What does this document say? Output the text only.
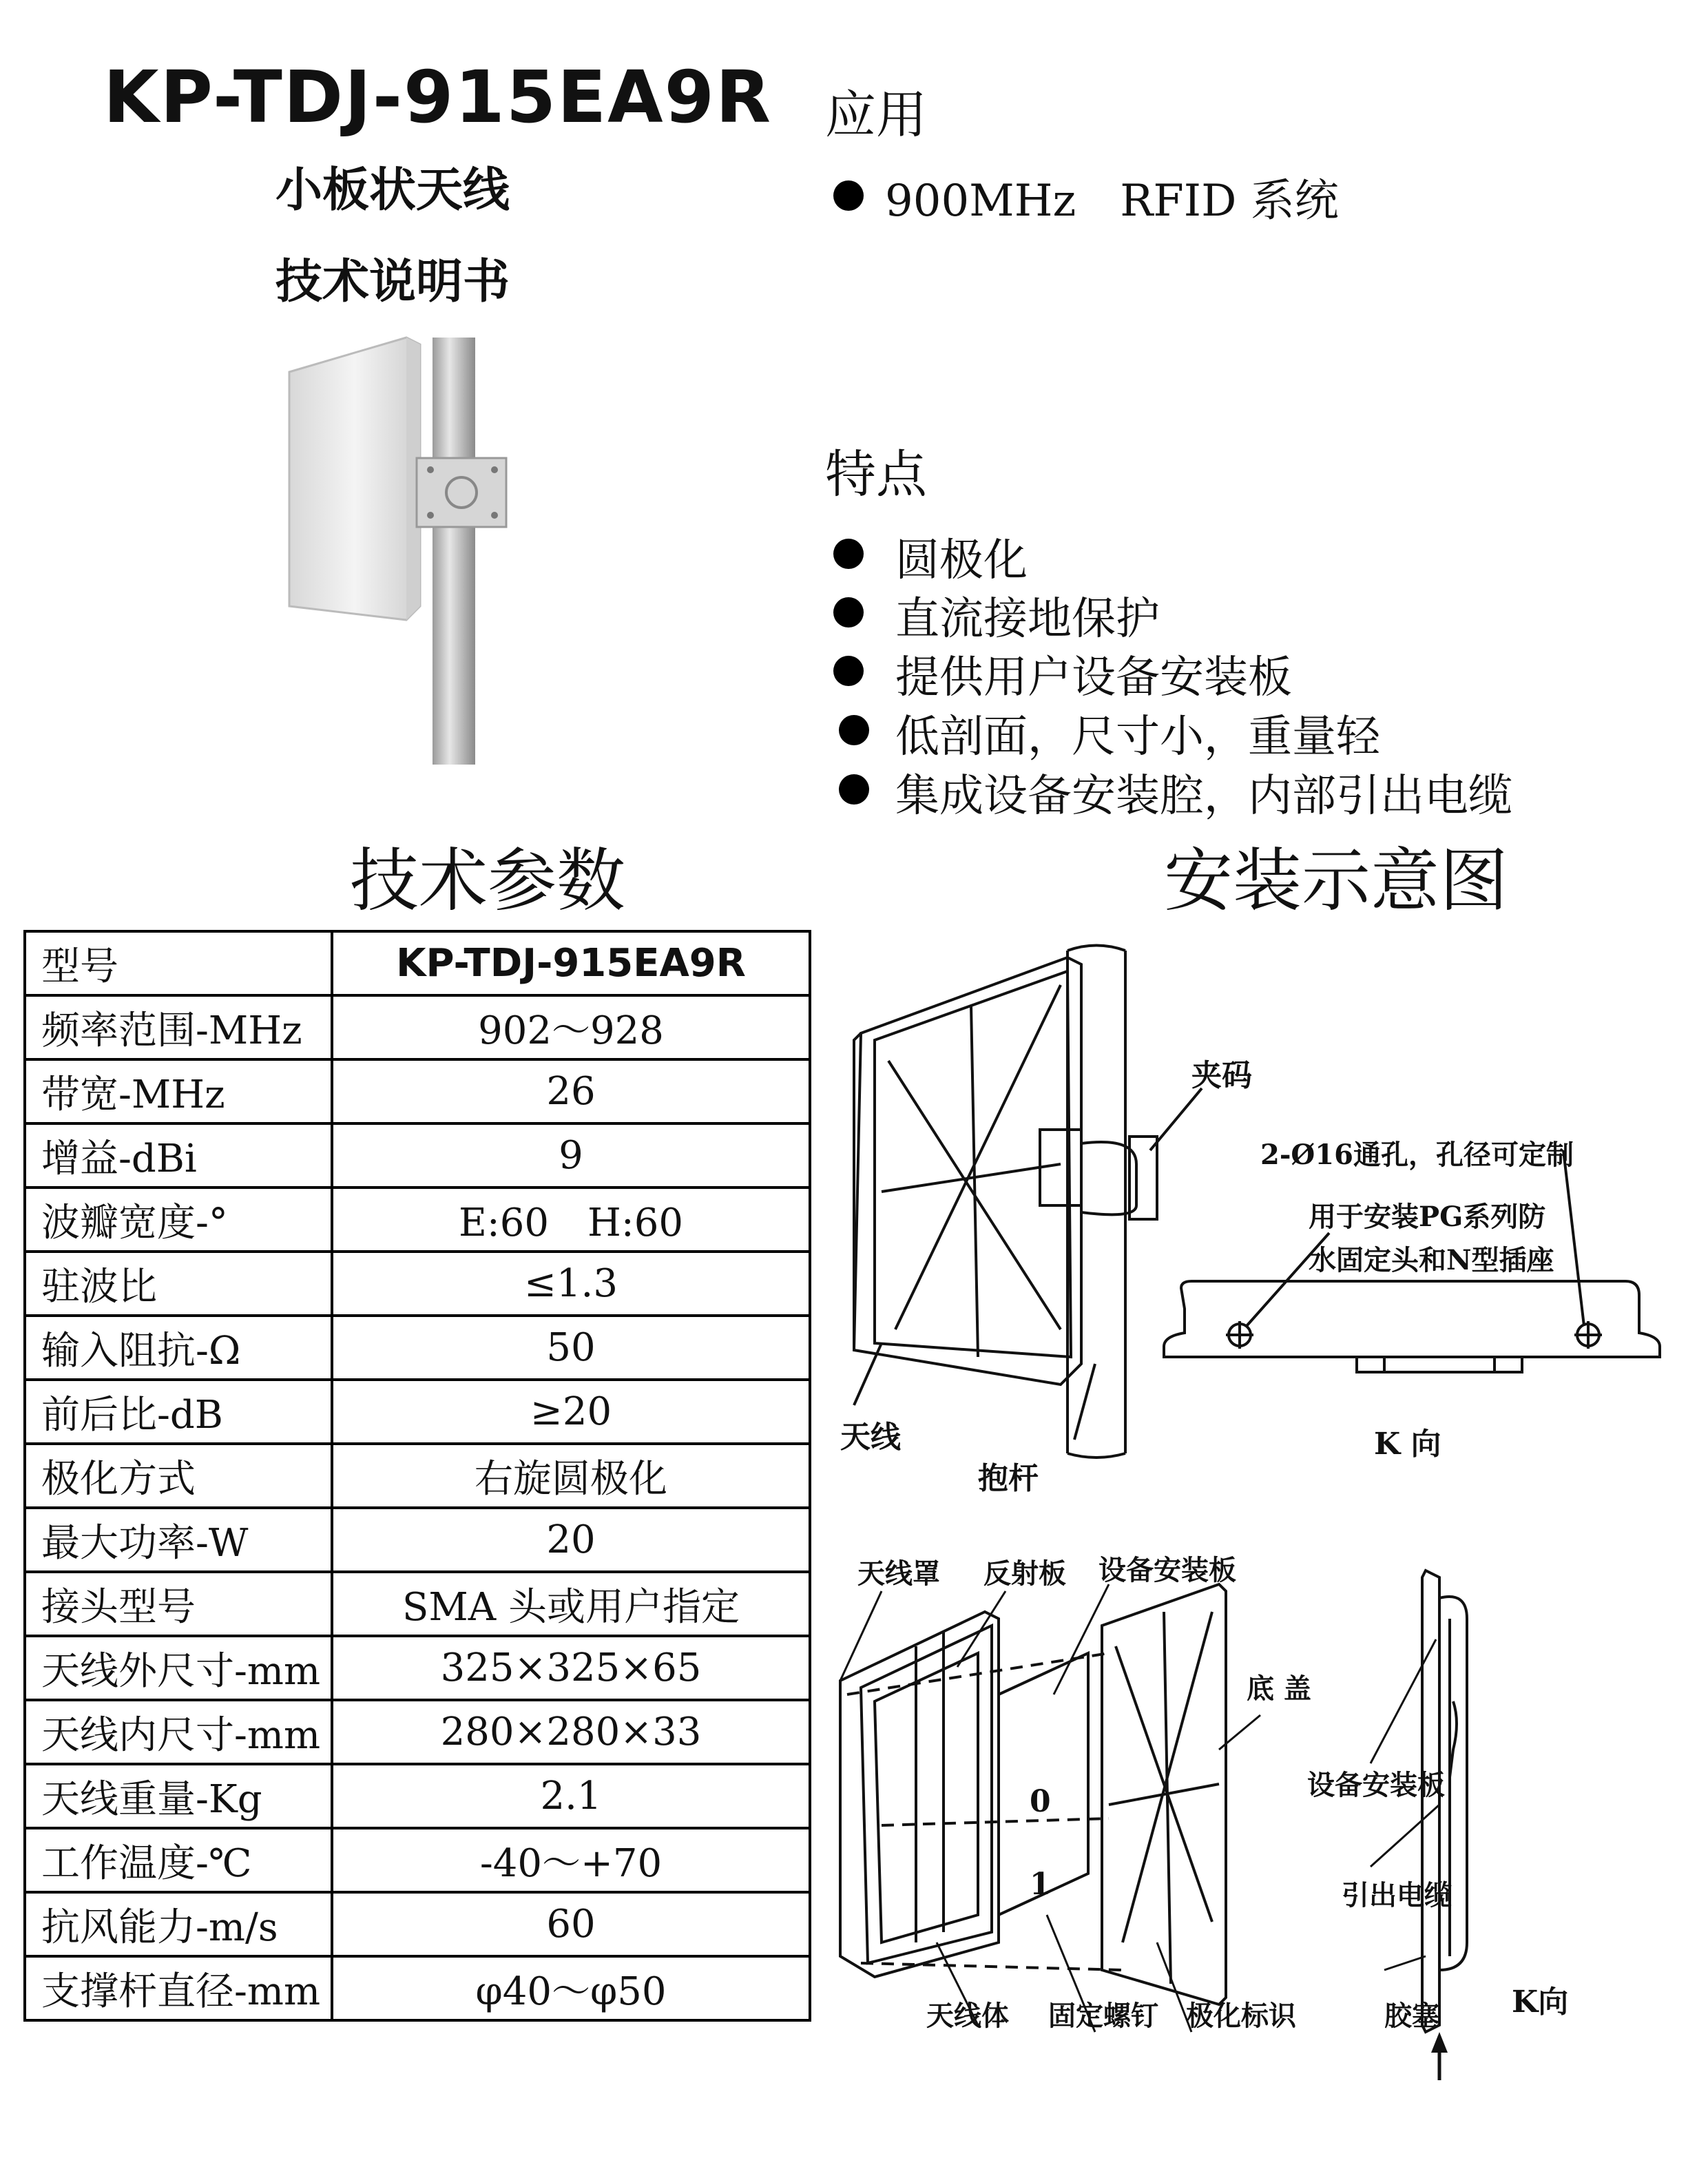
KP-TDJ-915EA9R
小板状天线
技术说明书
应用
900MHz　RFID 系统
特点
圆极化
直流接地保护
提供用户设备安装板
低剖面，尺寸小，重量轻
集成设备安装腔，内部引出电缆
技术参数	安装示意图
型号	KP-TDJ-915EA9R
频率范围-MHz	902～928
带宽-MHz	26
增益-dBi	9
波瓣宽度-°	E:60　H:60
驻波比	≤1.3
输入阻抗-Ω	50
前后比-dB	≥20
极化方式	右旋圆极化
最大功率-W	20
接头型号	SMA 头或用户指定
天线外尺寸-mm	325×325×65
天线内尺寸-mm	280×280×33
天线重量-Kg	2.1
工作温度-℃	-40～+70
抗风能力-m/s	60
支撑杆直径-mm	φ40～φ50
夹码
2-Ø16通孔，孔径可定制
用于安装PG系列防
水固定头和N型插座
天线
抱杆
K 向
天线罩 反射板 设备安装板
底 盖
天线体 固定螺钉 极化标识
设备安装板
引出电缆
胶塞 K向
0
1
